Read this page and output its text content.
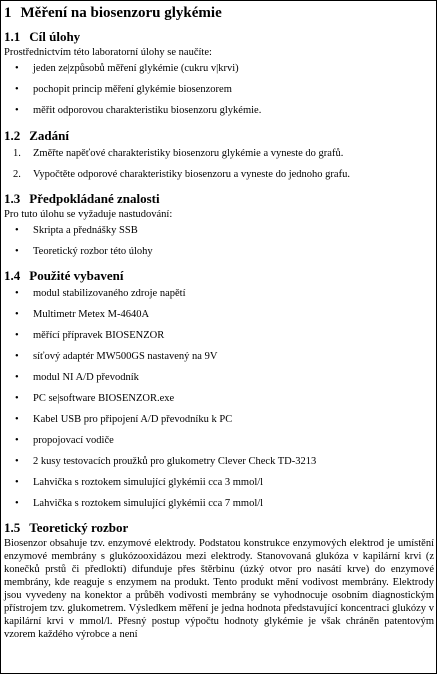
1 Měření na biosenzoru glykémie
1.1 Cíl úlohy

Prostřednictvím této laboratorní úlohy se naučíte:

• jeden ze|způsobů měření glykémie (cukru v|krvi)
• pochopit princip měření glykémie biosenzorem
• měřit odporovou charakteristiku biosenzoru glykémie.
1.2 Zadání
1. Změřte napěťové charakteristiky biosenzoru glykémie a vyneste do grafů.
2. Vypočtěte odporové charakteristiky biosenzoru a vyneste do jednoho grafu.
1.3 Předpokládané znalosti

Pro tuto úlohu se vyžaduje nastudování:

• Skripta a přednášky SSB
• Teoretický rozbor této úlohy
1.4 Použité vybavení
• modul stabilizovaného zdroje napětí
• Multimetr Metex M-4640A
• měřící přípravek BIOSENZOR
• síťový adaptér MW500GS nastavený na 9V
• modul NI A/D převodník
• PC se|software BIOSENZOR.exe
• Kabel USB pro připojení A/D převodníku k PC
• propojovací vodiče
• 2 kusy testovacích proužků pro glukometry Clever Check TD-3213
• Lahvička s roztokem simulující glykémii cca 3 mmol/l
• Lahvička s roztokem simulující glykémii cca 7 mmol/l
1.5 Teoretický rozbor

Biosenzor obsahuje tzv. enzymové elektrody. Podstatou konstrukce enzymových elektrod je umístění enzymové membrány s glukózooxidázou mezi elektrody. Stanovovaná glukóza v kapilární krvi (z konečků prstů či předloktí) difunduje přes štěrbinu (úzký otvor pro nasátí krve) do enzymové membrány, kde reaguje s enzymem na produkt. Tento produkt mění vodivost membrány. Elektrody jsou vyvedeny na konektor a průběh vodivosti membrány se vyhodnocuje osobním diagnostickým přístrojem tzv. glukometrem. Výsledkem měření je jedna hodnota představující koncentraci glukózy v kapilární krvi v mmol/l. Přesný postup výpočtu hodnoty glykémie je však chráněn patentovým vzorem každého výrobce a není
